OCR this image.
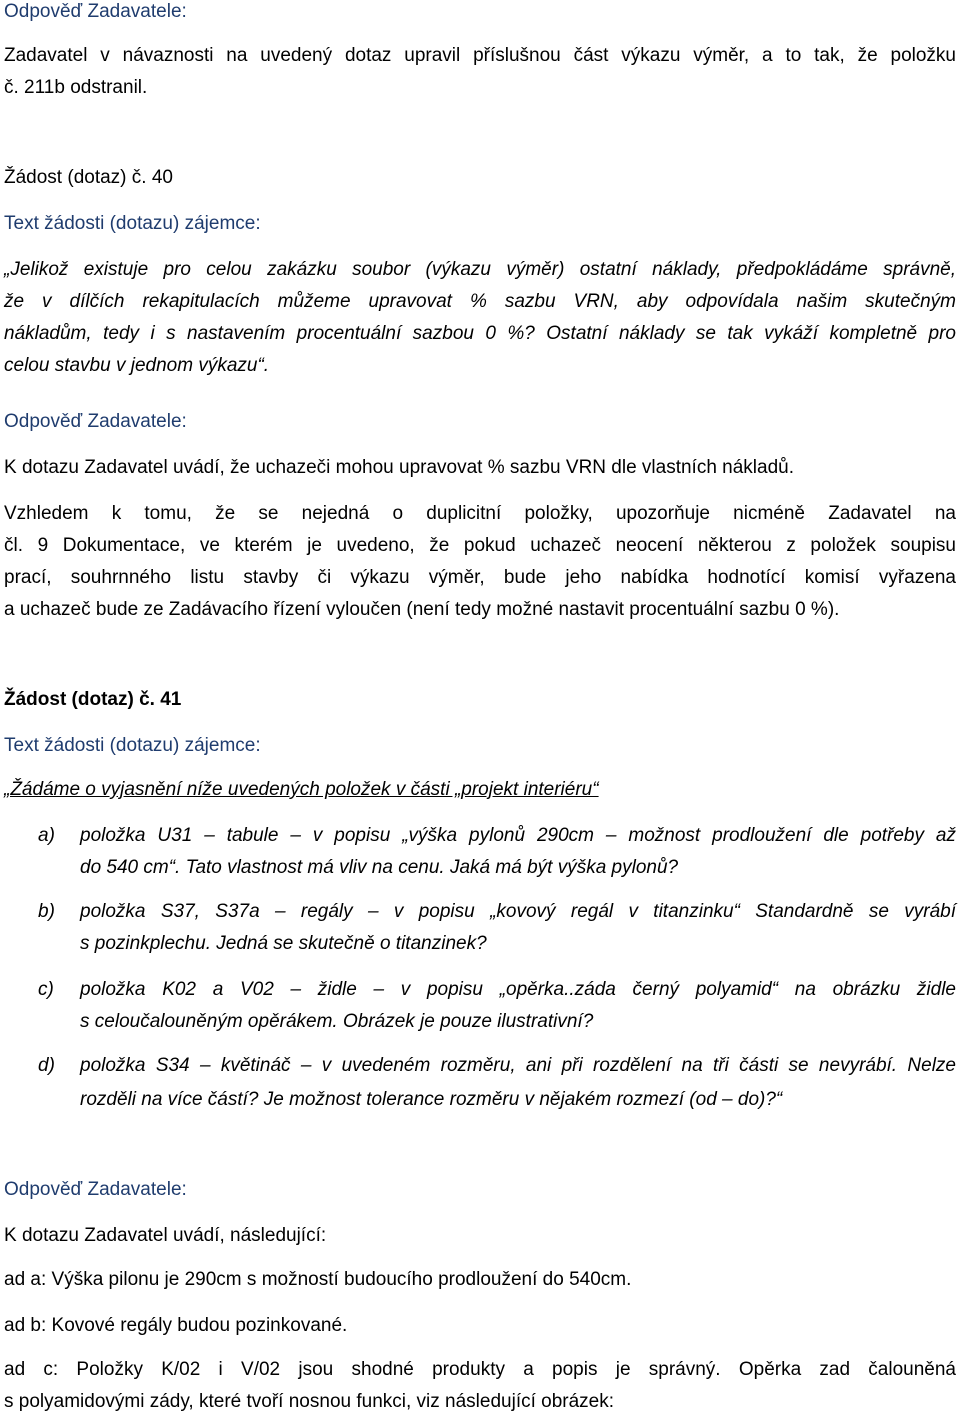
Odpověď Zadavatele:
Zadavatel v návaznosti na uvedený dotaz upravil příslušnou část výkazu výměr, a to tak, že položku
č. 211b odstranil.
Žádost (dotaz) č. 40
Text žádosti (dotazu) zájemce:
„Jelikož existuje pro celou zakázku soubor (výkazu výměr) ostatní náklady, předpokládáme správně,
že v dílčích rekapitulacích můžeme upravovat % sazbu VRN, aby odpovídala našim skutečným
nákladům, tedy i s nastavením procentuální sazbou 0 %? Ostatní náklady se tak vykáží kompletně pro
celou stavbu v jednom výkazu“.
Odpověď Zadavatele:
K dotazu Zadavatel uvádí, že uchazeči mohou upravovat % sazbu VRN dle vlastních nákladů.
Vzhledem k tomu, že se nejedná o duplicitní položky, upozorňuje nicméně Zadavatel na
čl. 9 Dokumentace, ve kterém je uvedeno, že pokud uchazeč neocení některou z položek soupisu
prací, souhrnného listu stavby či výkazu výměr, bude jeho nabídka hodnotící komisí vyřazena
a uchazeč bude ze Zadávacího řízení vyloučen (není tedy možné nastavit procentuální sazbu 0 %).
Žádost (dotaz) č. 41
Text žádosti (dotazu) zájemce:
„Žádáme o vyjasnění níže uvedených položek v části „projekt interiéru“
a) položka U31 – tabule – v popisu „výška pylonů 290cm – možnost prodloužení dle potřeby až
do 540 cm“. Tato vlastnost má vliv na cenu. Jaká má být výška pylonů?
b) položka S37, S37a – regály – v popisu „kovový regál v titanzinku“ Standardně se vyrábí
s pozinkplechu. Jedná se skutečně o titanzinek?
c) položka K02 a V02 – židle – v popisu „opěrka..záda černý polyamid“ na obrázku židle
s celoučalouněným opěrákem. Obrázek je pouze ilustrativní?
d) položka S34 – květináč – v uvedeném rozměru, ani při rozdělení na tři části se nevyrábí. Nelze
rozděli na více částí? Je možnost tolerance rozměru v nějakém rozmezí (od – do)?“
Odpověď Zadavatele:
K dotazu Zadavatel uvádí, následující:
ad a: Výška pilonu je 290cm s možností budoucího prodloužení do 540cm.
ad b: Kovové regály budou pozinkované.
ad c: Položky K/02 i V/02 jsou shodné produkty a popis je správný. Opěrka zad čalouněná
s polyamidovými zády, které tvoří nosnou funkci, viz následující obrázek:
